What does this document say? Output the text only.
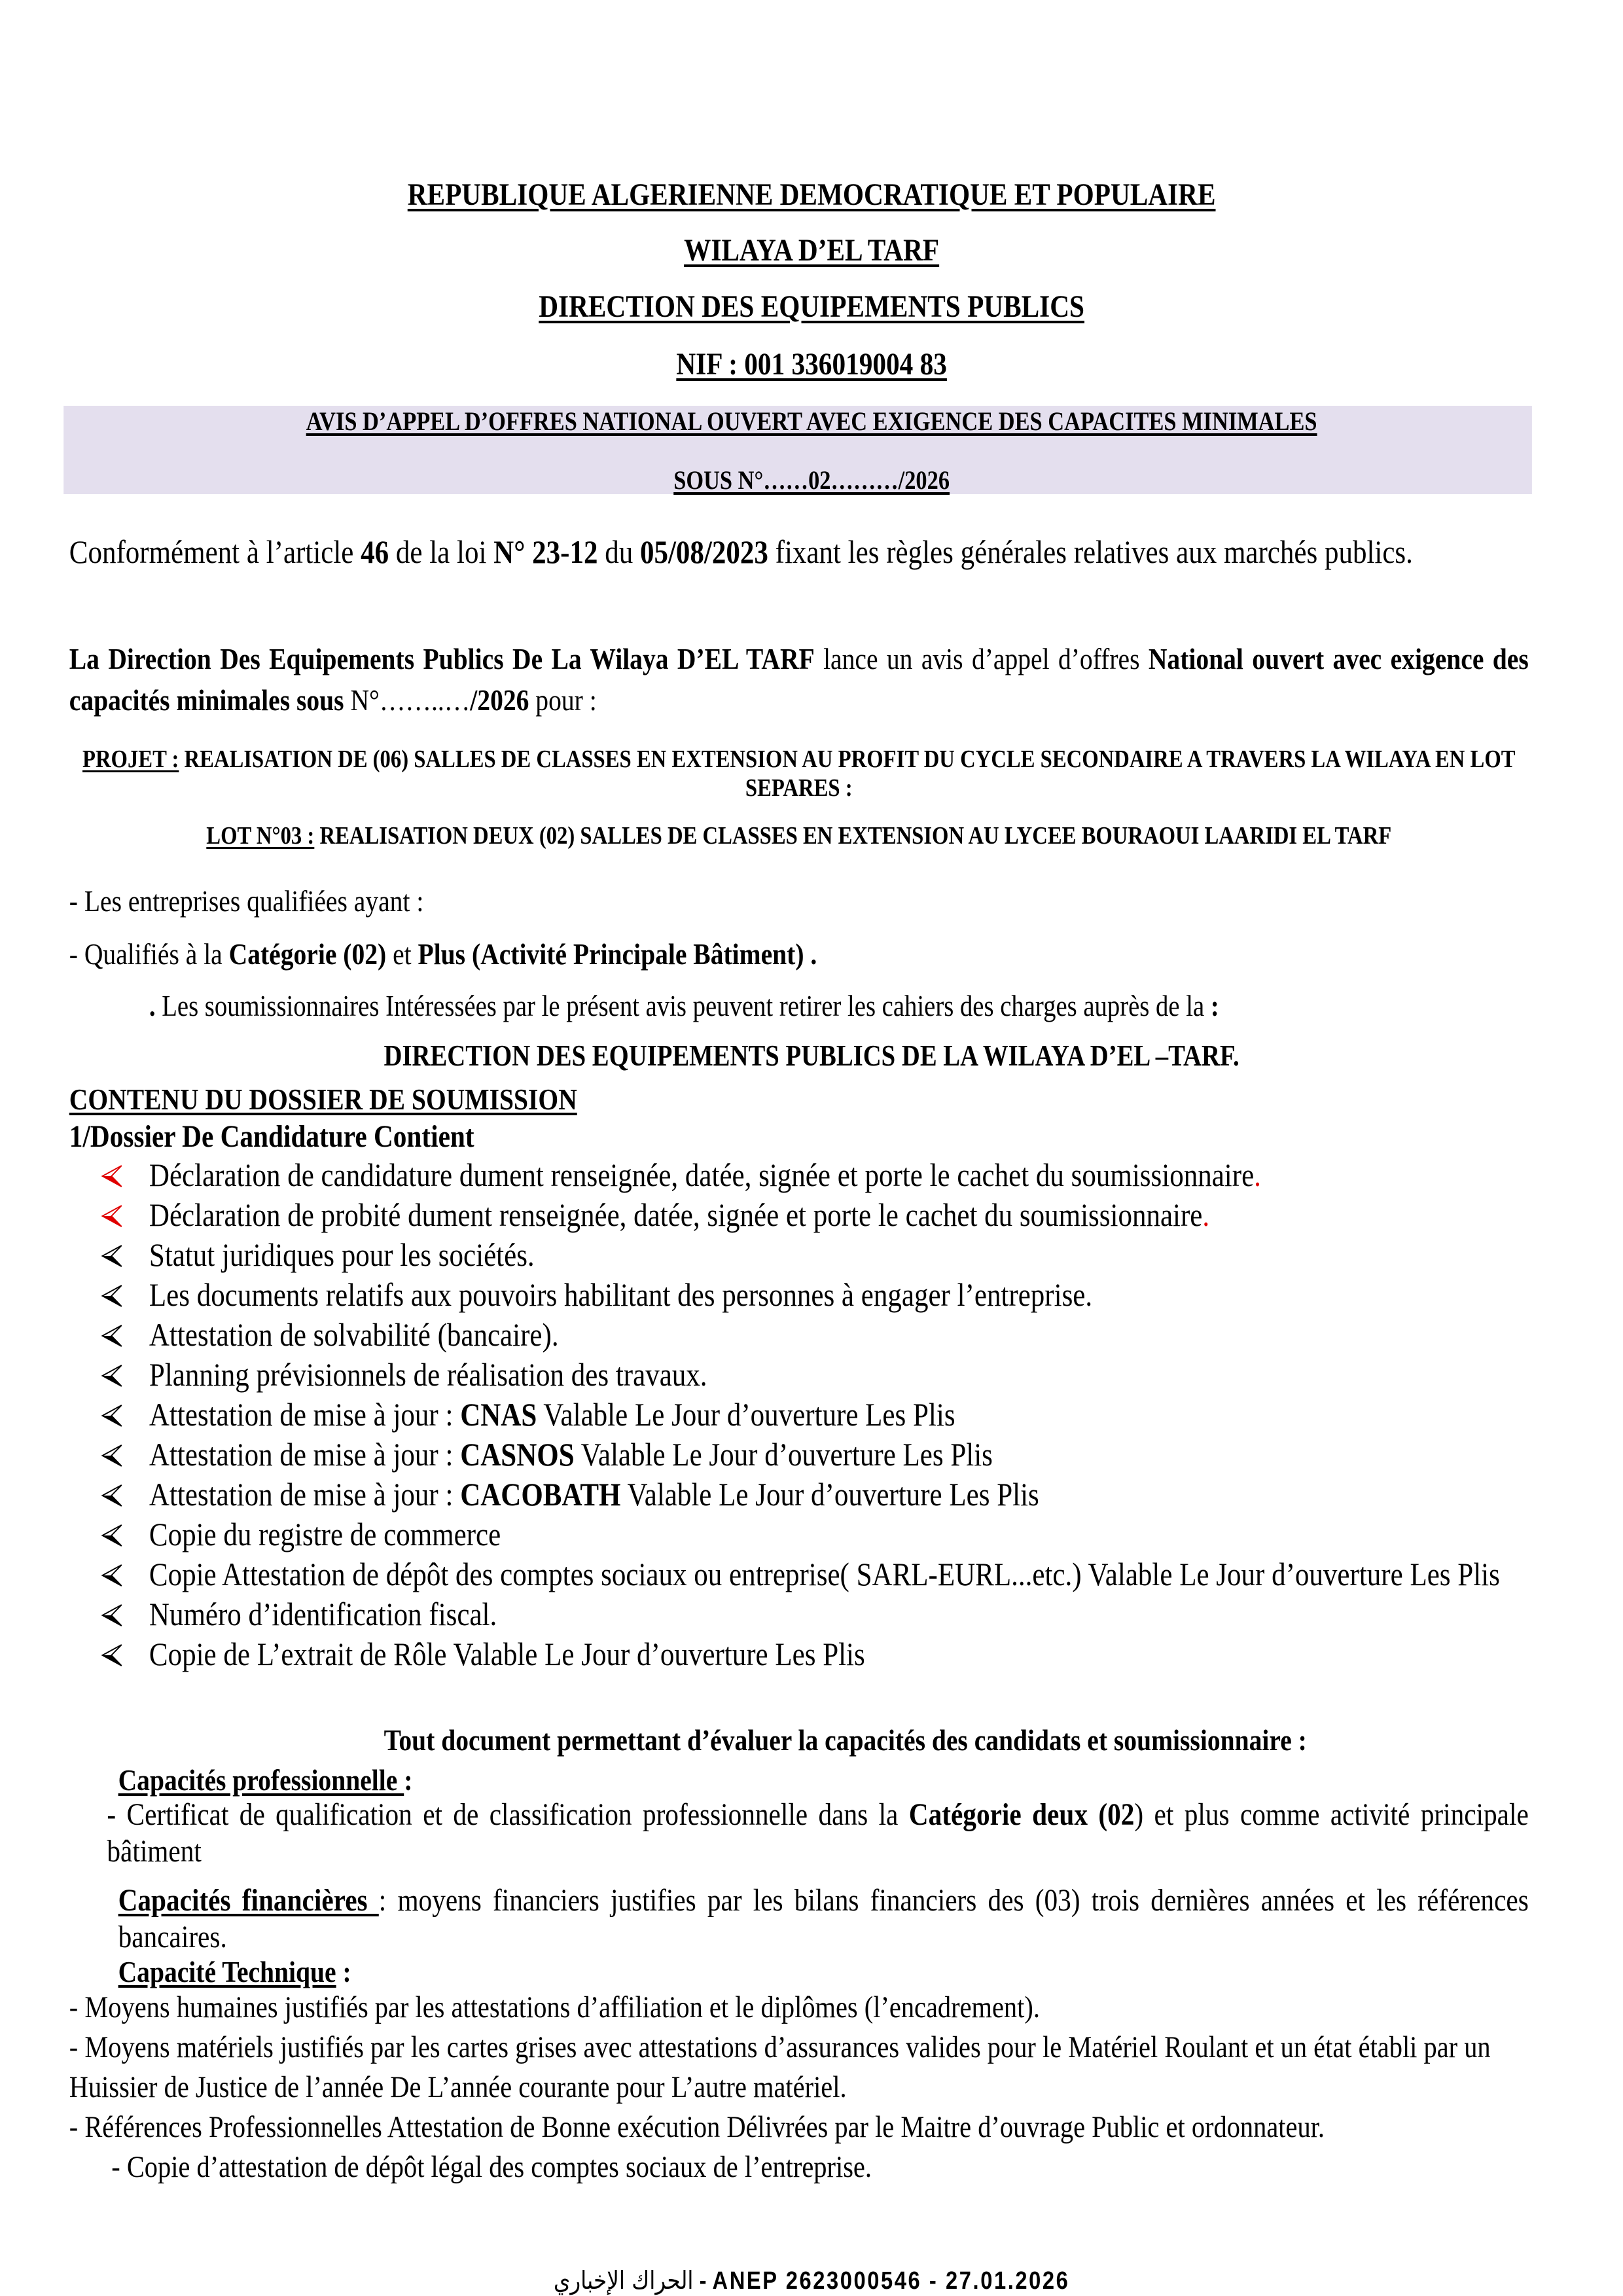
REPUBLIQUE ALGERIENNE DEMOCRATIQUE ET POPULAIRE
WILAYA D’EL TARF
DIRECTION DES EQUIPEMENTS PUBLICS
NIF : 001 336019004 83
AVIS D’APPEL D’OFFRES NATIONAL OUVERT AVEC EXIGENCE DES CAPACITES MINIMALES
SOUS N°……02………/2026
Conformément à l’article 46 de la loi N° 23-12 du 05/08/2023 fixant les règles générales relatives aux marchés publics.
La Direction Des Equipements Publics De La Wilaya D’EL TARF lance un avis d’appel d’offres National ouvert avec exigence des capacités minimales sous N°……..…/2026 pour :
PROJET : REALISATION DE (06) SALLES DE CLASSES EN EXTENSION AU PROFIT DU CYCLE SECONDAIRE A TRAVERS LA WILAYA EN LOT SEPARES :
LOT N°03 : REALISATION DEUX (02) SALLES DE CLASSES EN EXTENSION AU LYCEE BOURAOUI LAARIDI EL TARF
- Les entreprises qualifiées ayant :
- Qualifiés à la Catégorie (02) et Plus (Activité Principale Bâtiment) .
. Les soumissionnaires Intéressées par le présent avis peuvent retirer les cahiers des charges auprès de la :
DIRECTION DES EQUIPEMENTS PUBLICS DE LA WILAYA D’EL –TARF.
CONTENU DU DOSSIER DE SOUMISSION
1/Dossier De Candidature Contient
Déclaration de candidature dument renseignée, datée, signée et porte le cachet du soumissionnaire.
Déclaration de probité dument renseignée, datée, signée et porte le cachet du soumissionnaire.
Statut juridiques pour les sociétés.
Les documents relatifs aux pouvoirs habilitant des personnes à engager l’entreprise.
Attestation de solvabilité (bancaire).
Planning prévisionnels de réalisation des travaux.
Attestation de mise à jour : CNAS Valable Le Jour d’ouverture Les Plis
Attestation de mise à jour : CASNOS Valable Le Jour d’ouverture Les Plis
Attestation de mise à jour : CACOBATH Valable Le Jour d’ouverture Les Plis
Copie du registre de commerce
Copie Attestation de dépôt des comptes sociaux ou entreprise( SARL-EURL...etc.) Valable Le Jour d’ouverture Les Plis
Numéro d’identification fiscal.
Copie de L’extrait de Rôle Valable Le Jour d’ouverture Les Plis
Tout document permettant d’évaluer la capacités des candidats et soumissionnaire :
Capacités professionnelle :
- Certificat de qualification et de classification professionnelle dans la Catégorie deux (02) et plus comme activité principale bâtiment
Capacités financières : moyens financiers justifies par les bilans financiers des (03) trois dernières années et les références bancaires.
Capacité Technique :
- Moyens humaines justifiés par les attestations d’affiliation et le diplômes (l’encadrement).
- Moyens matériels justifiés par les cartes grises avec attestations d’assurances valides pour le Matériel Roulant et un état établi par un Huissier de Justice de l’année De L’année courante pour L’autre matériel.
- Références Professionnelles Attestation de Bonne exécution Délivrées par le Maitre d’ouvrage Public et ordonnateur.
- Copie d’attestation de dépôt légal des comptes sociaux de l’entreprise.
الحراك الإخباري - ANEP 2623000546 - 27.01.2026
